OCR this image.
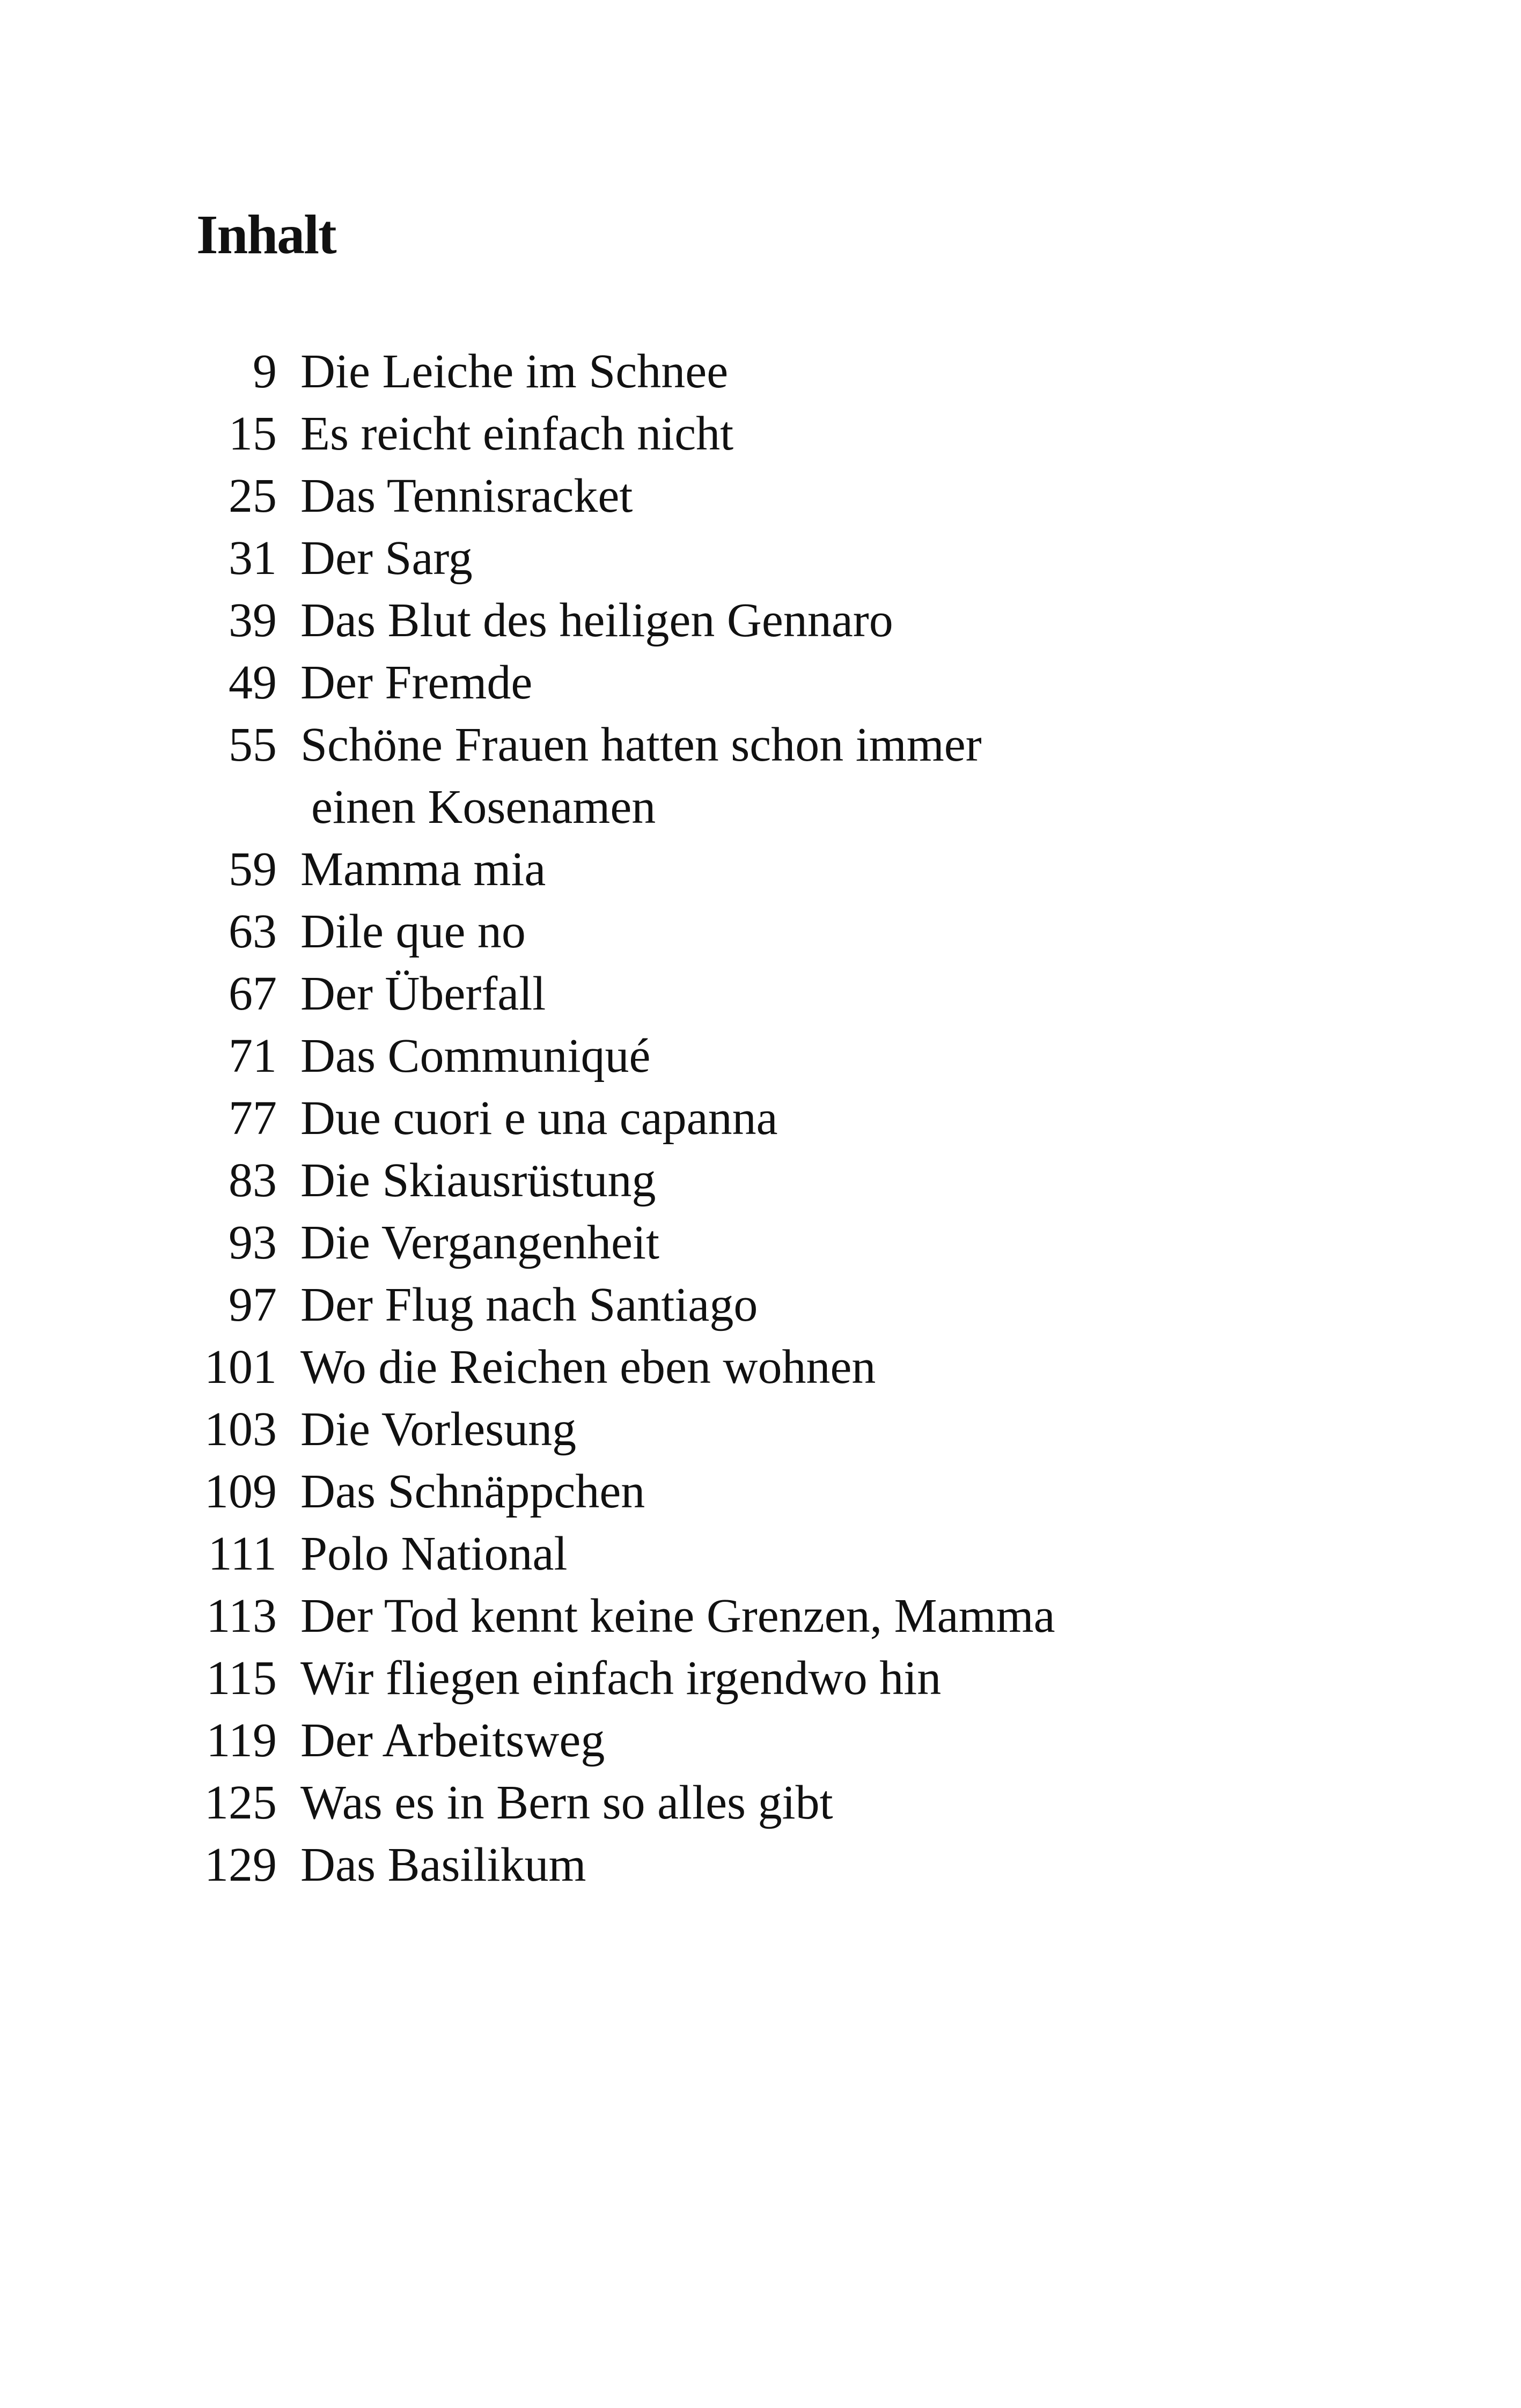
Inhalt
9 Die Leiche im Schnee
15 Es reicht einfach nicht
25 Das Tennisracket
31 Der Sarg
39 Das Blut des heiligen Gennaro
49 Der Fremde
55 Schöne Frauen hatten schon immer
einen Kosenamen
59 Mamma mia
63 Dile que no
67 Der Überfall
71 Das Communiqué
77 Due cuori e una capanna
83 Die Skiausrüstung
93 Die Vergangenheit
97 Der Flug nach Santiago
101 Wo die Reichen eben wohnen
103 Die Vorlesung
109 Das Schnäppchen
111 Polo National
113 Der Tod kennt keine Grenzen, Mamma
115 Wir fliegen einfach irgendwo hin
119 Der Arbeitsweg
125 Was es in Bern so alles gibt
129 Das Basilikum
